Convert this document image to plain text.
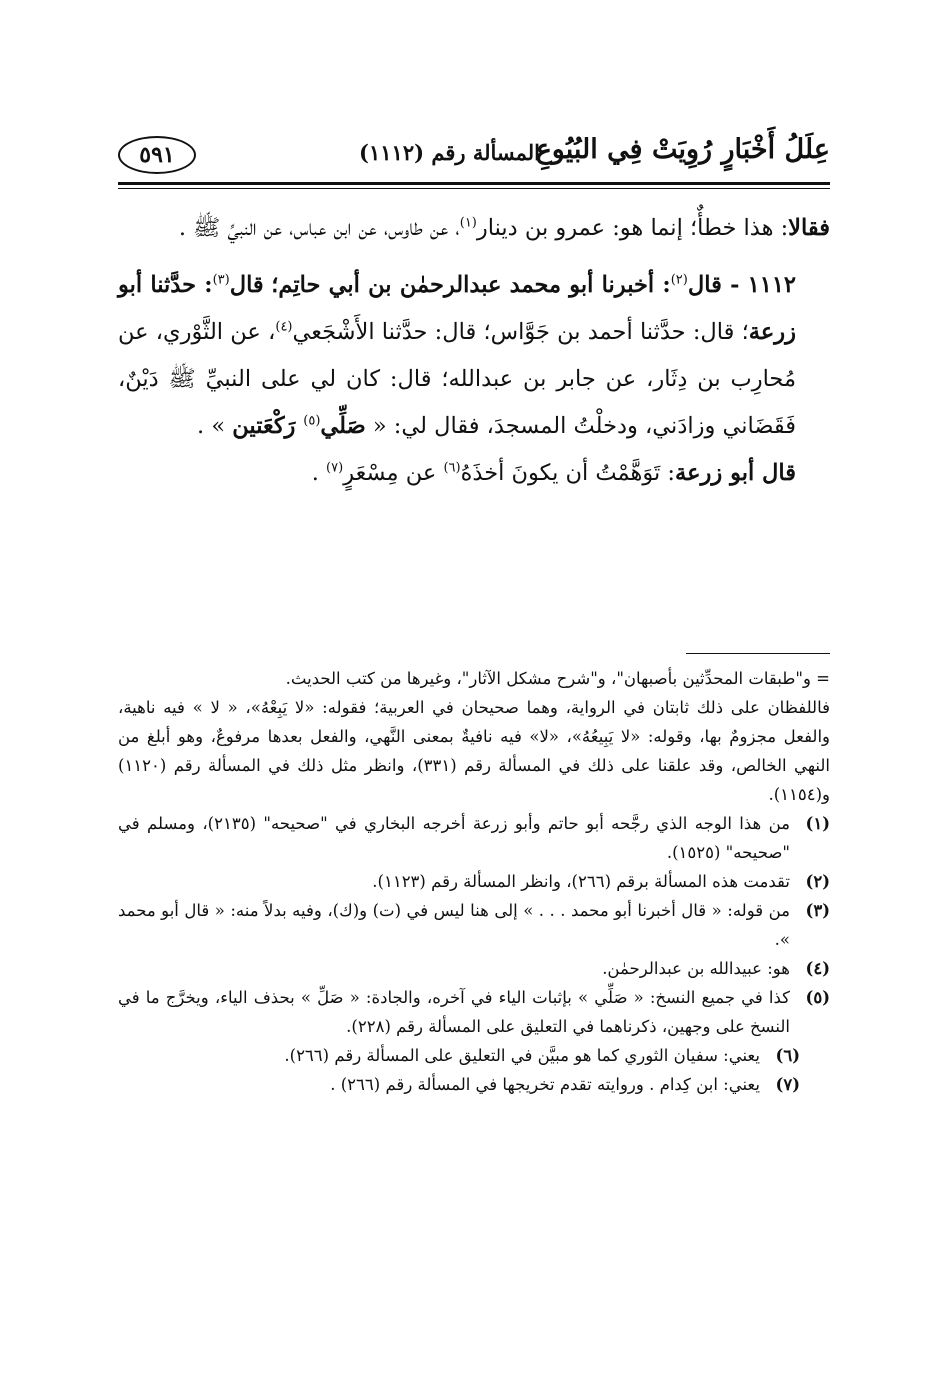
عِلَلُ أَخْبَارٍ رُوِيَتْ فِي البُيُوعِ
المسألة رقم (١١١٢)
٥٩١

فقالا: هذا خطأٌ؛ إنما هو: عمرو بن دينار$^{(١)}$، عن طاوس، عن ابن عباس، عن النبيِّ ﷺ .

١١١٢ - قال$^{(٢)}$: أخبرنا أبو محمد عبدالرحمٰن بن أبي حاتِم؛ قال$^{(٣)}$: حدَّثنا أبو زرعة؛ قال: حدَّثنا أحمد بن جَوَّاس؛ قال: حدَّثنا الأَشْجَعي$^{(٤)}$، عن الثَّوْري، عن مُحارِب بن دِثَار، عن جابر بن عبدالله؛ قال: كان لي على النبيِّ ﷺ دَيْنٌ، فَقَضَاني وزادَني، ودخلْتُ المسجدَ، فقال لي: « صَلِّي$^{(٥)}$ رَكْعَتين » .

قال أبو زرعة: تَوَهَّمْتُ أن يكونَ أخذَهُ$^{(٦)}$ عن مِسْعَرٍ$^{(٧)}$ .

= و"طبقات المحدِّثين بأصبهان"، و"شرح مشكل الآثار"، وغيرها من كتب الحديث.

فاللفظان على ذلك ثابتان في الرواية، وهما صحيحان في العربية؛ فقوله: «لا يَبِعْهُ»، « لا » فيه ناهية، والفعل مجزومٌ بها، وقوله: «لا يَبِيعُهُ»، «لا» فيه نافيةٌ بمعنى النَّهي، والفعل بعدها مرفوعٌ، وهو أبلغ من النهي الخالص، وقد علقنا على ذلك في المسألة رقم (٣٣١)، وانظر مثل ذلك في المسألة رقم (١١٢٠) و(١١٥٤).

(١)
من هذا الوجه الذي رجَّحه أبو حاتم وأبو زرعة أخرجه البخاري في "صحيحه" (٢١٣٥)، ومسلم في "صحيحه" (١٥٢٥).
(٢)
تقدمت هذه المسألة برقم (٢٦٦)، وانظر المسألة رقم (١١٢٣).
(٣)
من قوله: « قال أخبرنا أبو محمد . . . » إلى هنا ليس في (ت) و(ك)، وفيه بدلاً منه: « قال أبو محمد ».
(٤)
هو: عبيدالله بن عبدالرحمٰن.
(٥)
كذا في جميع النسخ: « صَلِّي » بإثبات الياء في آخره، والجادة: « صَلِّ » بحذف الياء، ويخرَّج ما في النسخ على وجهين، ذكرناهما في التعليق على المسألة رقم (٢٢٨).
(٦)
يعني: سفيان الثوري كما هو مبيَّن في التعليق على المسألة رقم (٢٦٦).
(٧)
يعني: ابن كِدام . وروايته تقدم تخريجها في المسألة رقم (٢٦٦) .
